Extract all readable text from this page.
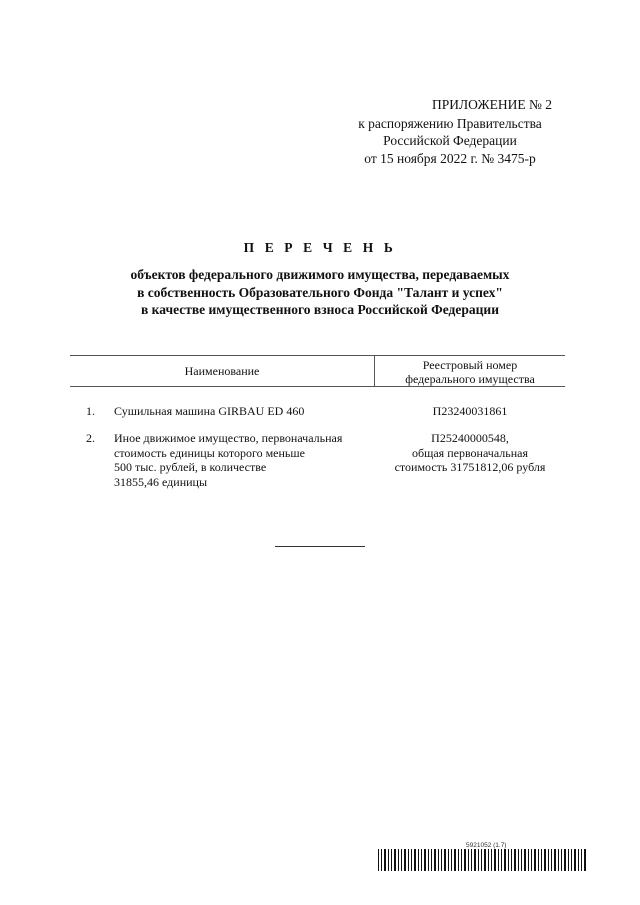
ПРИЛОЖЕНИЕ № 2
к распоряжению Правительства
Российской Федерации
от 15 ноября 2022 г. № 3475-р
П Е Р Е Ч Е Н Ь
объектов федерального движимого имущества, передаваемых
в собственность Образовательного Фонда "Талант и успех"
в качестве имущественного взноса Российской Федерации
Наименование	Реестровый номер
федерального имущества
1. Сушильная машина GIRBAU ED 460	П23240031861
2. Иное движимое имущество, первоначальная
стоимость единицы которого меньше
500 тыс. рублей, в количестве
31855,46 единицы
П25240000548,
общая первоначальная
стоимость 31751812,06 рубля
5921052 (1.7)
